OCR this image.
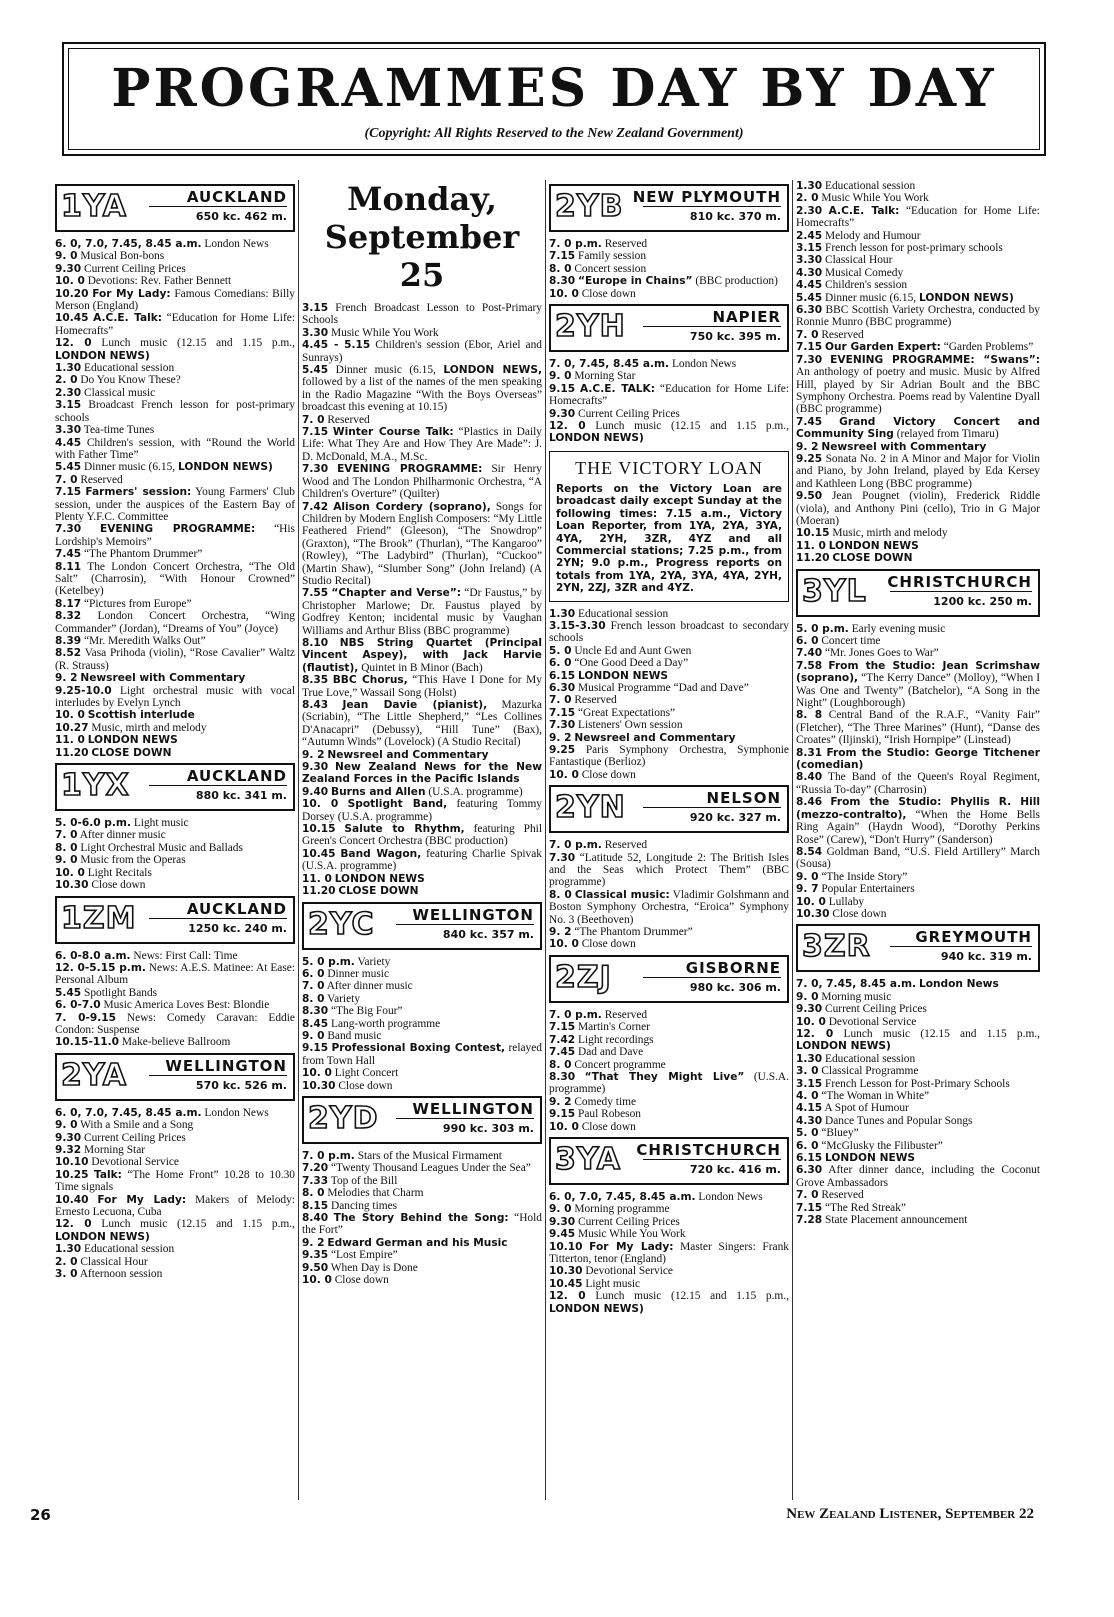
PROGRAMMES DAY BY DAY
(Copyright: All Rights Reserved to the New Zealand Government)
1YA	AUCKLAND
650 kc. 462 m.
6. 0, 7.0, 7.45, 8.45 a.m. London News
9. 0 Musical Bon-bons
9.30 Current Ceiling Prices
10. 0 Devotions: Rev. Father Bennett
10.20 For My Lady: Famous Comedians: Billy Merson (England)
10.45 A.C.E. Talk: “Education for Home Life: Homecrafts”
12. 0 Lunch music (12.15 and 1.15 p.m., LONDON NEWS)
1.30 Educational session
2. 0 Do You Know These?
2.30 Classical music
3.15 Broadcast French lesson for post-primary schools
3.30 Tea-time Tunes
4.45 Children's session, with “Round the World with Father Time”
5.45 Dinner music (6.15, LONDON NEWS)
7. 0 Reserved
7.15 Farmers' session: Young Farmers' Club session, under the auspices of the Eastern Bay of Plenty Y.F.C. Committee
7.30 EVENING PROGRAMME: “His Lordship's Memoirs”
7.45 “The Phantom Drummer”
8.11 The London Concert Orchestra, “The Old Salt” (Charrosin), “With Honour Crowned” (Ketelbey)
8.17 “Pictures from Europe”
8.32 London Concert Orchestra, “Wing Commander” (Jordan), “Dreams of You” (Joyce)
8.39 “Mr. Meredith Walks Out”
8.52 Vasa Prihoda (violin), “Rose Cavalier” Waltz (R. Strauss)
9. 2 Newsreel with Commentary
9.25-10.0 Light orchestral music with vocal interludes by Evelyn Lynch
10. 0 Scottish interlude
10.27 Music, mirth and melody
11. 0 LONDON NEWS
11.20 CLOSE DOWN
1YX	AUCKLAND
880 kc. 341 m.
5. 0-6.0 p.m. Light music
7. 0 After dinner music
8. 0 Light Orchestral Music and Ballads
9. 0 Music from the Operas
10. 0 Light Recitals
10.30 Close down
1ZM	AUCKLAND
1250 kc. 240 m.
6. 0-8.0 a.m. News: First Call: Time
12. 0-5.15 p.m. News: A.E.S. Matinee: At Ease: Personal Album
5.45 Spotlight Bands
6. 0-7.0 Music America Loves Best: Blondie
7. 0-9.15 News: Comedy Caravan: Eddie Condon: Suspense
10.15-11.0 Make-believe Ballroom
2YA	WELLINGTON
570 kc. 526 m.
6. 0, 7.0, 7.45, 8.45 a.m. London News
9. 0 With a Smile and a Song
9.30 Current Ceiling Prices
9.32 Morning Star
10.10 Devotional Service
10.25 Talk: “The Home Front” 10.28 to 10.30 Time signals
10.40 For My Lady: Makers of Melody: Ernesto Lecuona, Cuba
12. 0 Lunch music (12.15 and 1.15 p.m., LONDON NEWS)
1.30 Educational session
2. 0 Classical Hour
3. 0 Afternoon session
Monday, September 25
3.15 French Broadcast Lesson to Post-Primary Schools
3.30 Music While You Work
4.45 - 5.15 Children's session (Ebor, Ariel and Sunrays)
5.45 Dinner music (6.15, LONDON NEWS, followed by a list of the names of the men speaking in the Radio Magazine “With the Boys Overseas” broadcast this evening at 10.15)
7. 0 Reserved
7.15 Winter Course Talk: “Plastics in Daily Life: What They Are and How They Are Made”: J. D. McDonald, M.A., M.Sc.
7.30 EVENING PROGRAMME: Sir Henry Wood and The London Philharmonic Orchestra, “A Children's Overture” (Quilter)
7.42 Alison Cordery (soprano), Songs for Children by Modern English Composers: “My Little Feathered Friend” (Gleeson), “The Snowdrop” (Graxton), “The Brook” (Thurlan), “The Kangaroo” (Rowley), “The Ladybird” (Thurlan), “Cuckoo” (Martin Shaw), “Slumber Song” (John Ireland) (A Studio Recital)
7.55 “Chapter and Verse”: “Dr Faustus,” by Christopher Marlowe; Dr. Faustus played by Godfrey Kenton; incidental music by Vaughan Williams and Arthur Bliss (BBC programme)
8.10 NBS String Quartet (Principal Vincent Aspey), with Jack Harvie (flautist), Quintet in B Minor (Bach)
8.35 BBC Chorus, “This Have I Done for My True Love,” Wassail Song (Holst)
8.43 Jean Davie (pianist), Mazurka (Scriabin), “The Little Shepherd,” “Les Collines D'Anacapri” (Debussy), “Hill Tune” (Bax), “Autumn Winds” (Lovelock) (A Studio Recital)
9. 2 Newsreel and Commentary
9.30 New Zealand News for the New Zealand Forces in the Pacific Islands
9.40 Burns and Allen (U.S.A. programme)
10. 0 Spotlight Band, featuring Tommy Dorsey (U.S.A. programme)
10.15 Salute to Rhythm, featuring Phil Green's Concert Orchestra (BBC production)
10.45 Band Wagon, featuring Charlie Spivak (U.S.A. programme)
11. 0 LONDON NEWS
11.20 CLOSE DOWN
2YC	WELLINGTON
840 kc. 357 m.
5. 0 p.m. Variety
6. 0 Dinner music
7. 0 After dinner music
8. 0 Variety
8.30 “The Big Four”
8.45 Lang-worth programme
9. 0 Band music
9.15 Professional Boxing Contest, relayed from Town Hall
10. 0 Light Concert
10.30 Close down
2YD WELLINGTON
990 kc. 303 m.
7. 0 p.m. Stars of the Musical Firmament
7.20 “Twenty Thousand Leagues Under the Sea”
7.33 Top of the Bill
8. 0 Melodies that Charm
8.15 Dancing times
8.40 The Story Behind the Song: “Hold the Fort”
9. 2 Edward German and his Music
9.35 “Lost Empire”
9.50 When Day is Done
10. 0 Close down
2YB NEW PLYMOUTH
810 kc. 370 m.
7. 0 p.m. Reserved
7.15 Family session
8. 0 Concert session
8.30 “Europe in Chains” (BBC production)
10. 0 Close down
2YH	NAPIER
750 kc. 395 m.
7. 0, 7.45, 8.45 a.m. London News
9. 0 Morning Star
9.15 A.C.E. TALK: “Education for Home Life: Homecrafts”
9.30 Current Ceiling Prices
12. 0 Lunch music (12.15 and 1.15 p.m., LONDON NEWS)
THE VICTORY LOAN
Reports on the Victory Loan are broadcast daily except Sunday at the following times: 7.15 a.m., Victory Loan Reporter, from 1YA, 2YA, 3YA, 4YA, 2YH, 3ZR, 4YZ and all Commercial stations; 7.25 p.m., from 2YN; 9.0 p.m., Progress reports on totals from 1YA, 2YA, 3YA, 4YA, 2YH, 2YN, 2ZJ, 3ZR and 4YZ.
1.30 Educational session
3.15-3.30 French lesson broadcast to secondary schools
5. 0 Uncle Ed and Aunt Gwen
6. 0 “One Good Deed a Day”
6.15 LONDON NEWS
6.30 Musical Programme “Dad and Dave”
7. 0 Reserved
7.15 “Great Expectations”
7.30 Listeners' Own session
9. 2 Newsreel and Commentary
9.25 Paris Symphony Orchestra, Symphonie Fantastique (Berlioz)
10. 0 Close down
2YN	NELSON
920 kc. 327 m.
7. 0 p.m. Reserved
7.30 “Latitude 52, Longitude 2: The British Isles and the Seas which Protect Them” (BBC programme)
8. 0 Classical music: Vladimir Golshmann and Boston Symphony Orchestra, “Eroica” Symphony No. 3 (Beethoven)
9. 2 “The Phantom Drummer”
10. 0 Close down
2ZJ	GISBORNE
980 kc. 306 m.
7. 0 p.m. Reserved
7.15 Martin's Corner
7.42 Light recordings
7.45 Dad and Dave
8. 0 Concert programme
8.30 “That They Might Live” (U.S.A. programme)
9. 2 Comedy time
9.15 Paul Robeson
10. 0 Close down
3YA CHRISTCHURCH
720 kc. 416 m.
6. 0, 7.0, 7.45, 8.45 a.m. London News
9. 0 Morning programme
9.30 Current Ceiling Prices
9.45 Music While You Work
10.10 For My Lady: Master Singers: Frank Titterton, tenor (England)
10.30 Devotional Service
10.45 Light music
12. 0 Lunch music (12.15 and 1.15 p.m., LONDON NEWS)
1.30 Educational session
2. 0 Music While You Work
2.30 A.C.E. Talk: “Education for Home Life: Homecrafts”
2.45 Melody and Humour
3.15 French lesson for post-primary schools
3.30 Classical Hour
4.30 Musical Comedy
4.45 Children's session
5.45 Dinner music (6.15, LONDON NEWS)
6.30 BBC Scottish Variety Orchestra, conducted by Ronnie Munro (BBC programme)
7. 0 Reserved
7.15 Our Garden Expert: “Garden Problems”
7.30 EVENING PROGRAMME: “Swans”: An anthology of poetry and music. Music by Alfred Hill, played by Sir Adrian Boult and the BBC Symphony Orchestra. Poems read by Valentine Dyall (BBC programme)
7.45 Grand Victory Concert and Community Sing (relayed from Timaru)
9. 2 Newsreel with Commentary
9.25 Sonata No. 2 in A Minor and Major for Violin and Piano, by John Ireland, played by Eda Kersey and Kathleen Long (BBC programme)
9.50 Jean Pougnet (violin), Frederick Riddle (viola), and Anthony Pini (cello), Trio in G Major (Moeran)
10.15 Music, mirth and melody
11. 0 LONDON NEWS
11.20 CLOSE DOWN
3YL CHRISTCHURCH
1200 kc. 250 m.
5. 0 p.m. Early evening music
6. 0 Concert time
7.40 “Mr. Jones Goes to War”
7.58 From the Studio: Jean Scrimshaw (soprano), “The Kerry Dance” (Molloy), “When I Was One and Twenty” (Batchelor), “A Song in the Night” (Loughborough)
8. 8 Central Band of the R.A.F., “Vanity Fair” (Fletcher), “The Three Marines” (Hunt), “Danse des Croates” (Iljinski), “Irish Hornpipe” (Linstead)
8.31 From the Studio: George Titchener (comedian)
8.40 The Band of the Queen's Royal Regiment, “Russia To-day” (Charrosin)
8.46 From the Studio: Phyllis R. Hill (mezzo-contralto), “When the Home Bells Ring Again” (Haydn Wood), “Dorothy Perkins Rose” (Carew), “Don't Hurry” (Sanderson)
8.54 Goldman Band, “U.S. Field Artillery” March (Sousa)
9. 0 “The Inside Story”
9. 7 Popular Entertainers
10. 0 Lullaby
10.30 Close down
3ZR	GREYMOUTH
940 kc. 319 m.
7. 0, 7.45, 8.45 a.m. London News
9. 0 Morning music
9.30 Current Ceiling Prices
10. 0 Devotional Service
12. 0 Lunch music (12.15 and 1.15 p.m., LONDON NEWS)
1.30 Educational session
3. 0 Classical Programme
3.15 French Lesson for Post-Primary Schools
4. 0 “The Woman in White”
4.15 A Spot of Humour
4.30 Dance Tunes and Popular Songs
5. 0 “Bluey”
6. 0 “McGlusky the Filibuster”
6.15 LONDON NEWS
6.30 After dinner dance, including the Coconut Grove Ambassadors
7. 0 Reserved
7.15 “The Red Streak”
7.28 State Placement announcement
26	New Zealand Listener, September 22
